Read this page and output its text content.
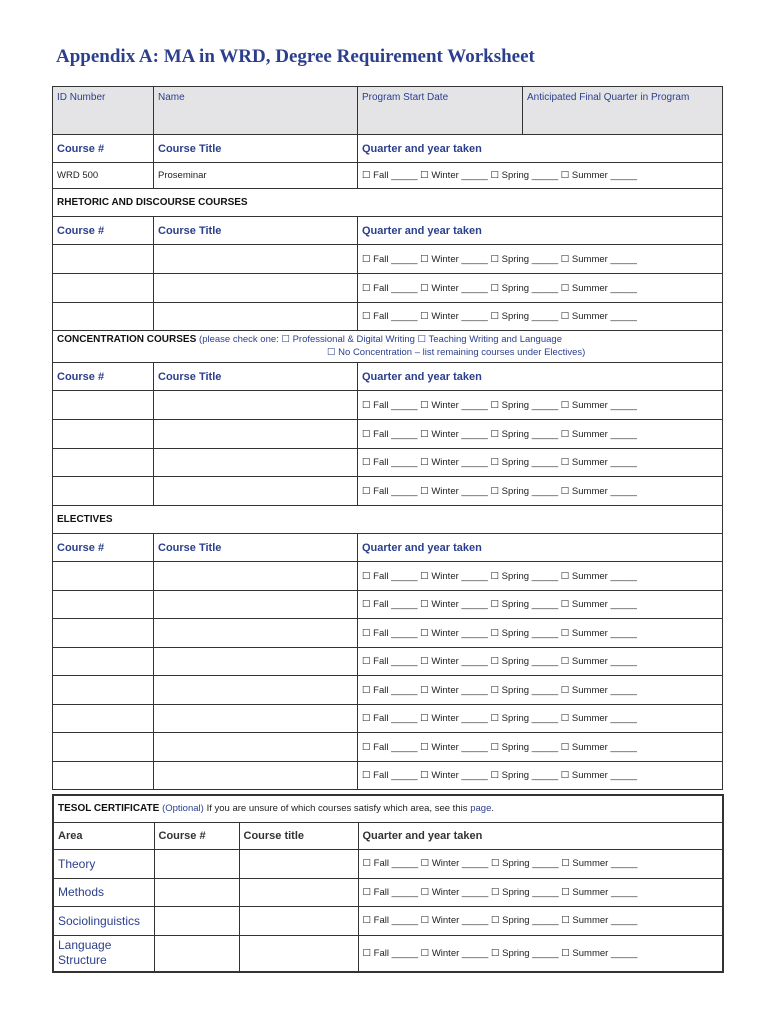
Appendix A: MA in WRD, Degree Requirement Worksheet
ID Number	Name	Program Start Date	Anticipated Final Quarter in Program
Course #	Course Title	Quarter and year taken	
WRD 500	Proseminar	☐ Fall _____ ☐ Winter _____ ☐ Spring _____ ☐ Summer _____	
RHETORIC AND DISCOURSE COURSES			
Course #	Course Title	Quarter and year taken	
		☐ Fall _____ ☐ Winter _____ ☐ Spring _____ ☐ Summer _____	
		☐ Fall _____ ☐ Winter _____ ☐ Spring _____ ☐ Summer _____	
		☐ Fall _____ ☐ Winter _____ ☐ Spring _____ ☐ Summer _____	

CONCENTRATION COURSES (please check one: ☐ Professional & Digital Writing ☐ Teaching Writing and Language
☐ No Concentration – list remaining courses under Electives)			

Course #	Course Title	Quarter and year taken	
		☐ Fall _____ ☐ Winter _____ ☐ Spring _____ ☐ Summer _____	
		☐ Fall _____ ☐ Winter _____ ☐ Spring _____ ☐ Summer _____	
		☐ Fall _____ ☐ Winter _____ ☐ Spring _____ ☐ Summer _____	
		☐ Fall _____ ☐ Winter _____ ☐ Spring _____ ☐ Summer _____	
ELECTIVES			
Course #	Course Title	Quarter and year taken	
		☐ Fall _____ ☐ Winter _____ ☐ Spring _____ ☐ Summer _____	
		☐ Fall _____ ☐ Winter _____ ☐ Spring _____ ☐ Summer _____	
		☐ Fall _____ ☐ Winter _____ ☐ Spring _____ ☐ Summer _____	
		☐ Fall _____ ☐ Winter _____ ☐ Spring _____ ☐ Summer _____	
		☐ Fall _____ ☐ Winter _____ ☐ Spring _____ ☐ Summer _____	
		☐ Fall _____ ☐ Winter _____ ☐ Spring _____ ☐ Summer _____	
		☐ Fall _____ ☐ Winter _____ ☐ Spring _____ ☐ Summer _____	
		☐ Fall _____ ☐ Winter _____ ☐ Spring _____ ☐ Summer _____	
TESOL CERTIFICATE (Optional) If you are unsure of which courses satisfy which area, see this page.			
Area	Course #	Course title	Quarter and year taken
Theory			☐ Fall _____ ☐ Winter _____ ☐ Spring _____ ☐ Summer _____
Methods			☐ Fall _____ ☐ Winter _____ ☐ Spring _____ ☐ Summer _____
Sociolinguistics			☐ Fall _____ ☐ Winter _____ ☐ Spring _____ ☐ Summer _____
Language Structure			☐ Fall _____ ☐ Winter _____ ☐ Spring _____ ☐ Summer _____
